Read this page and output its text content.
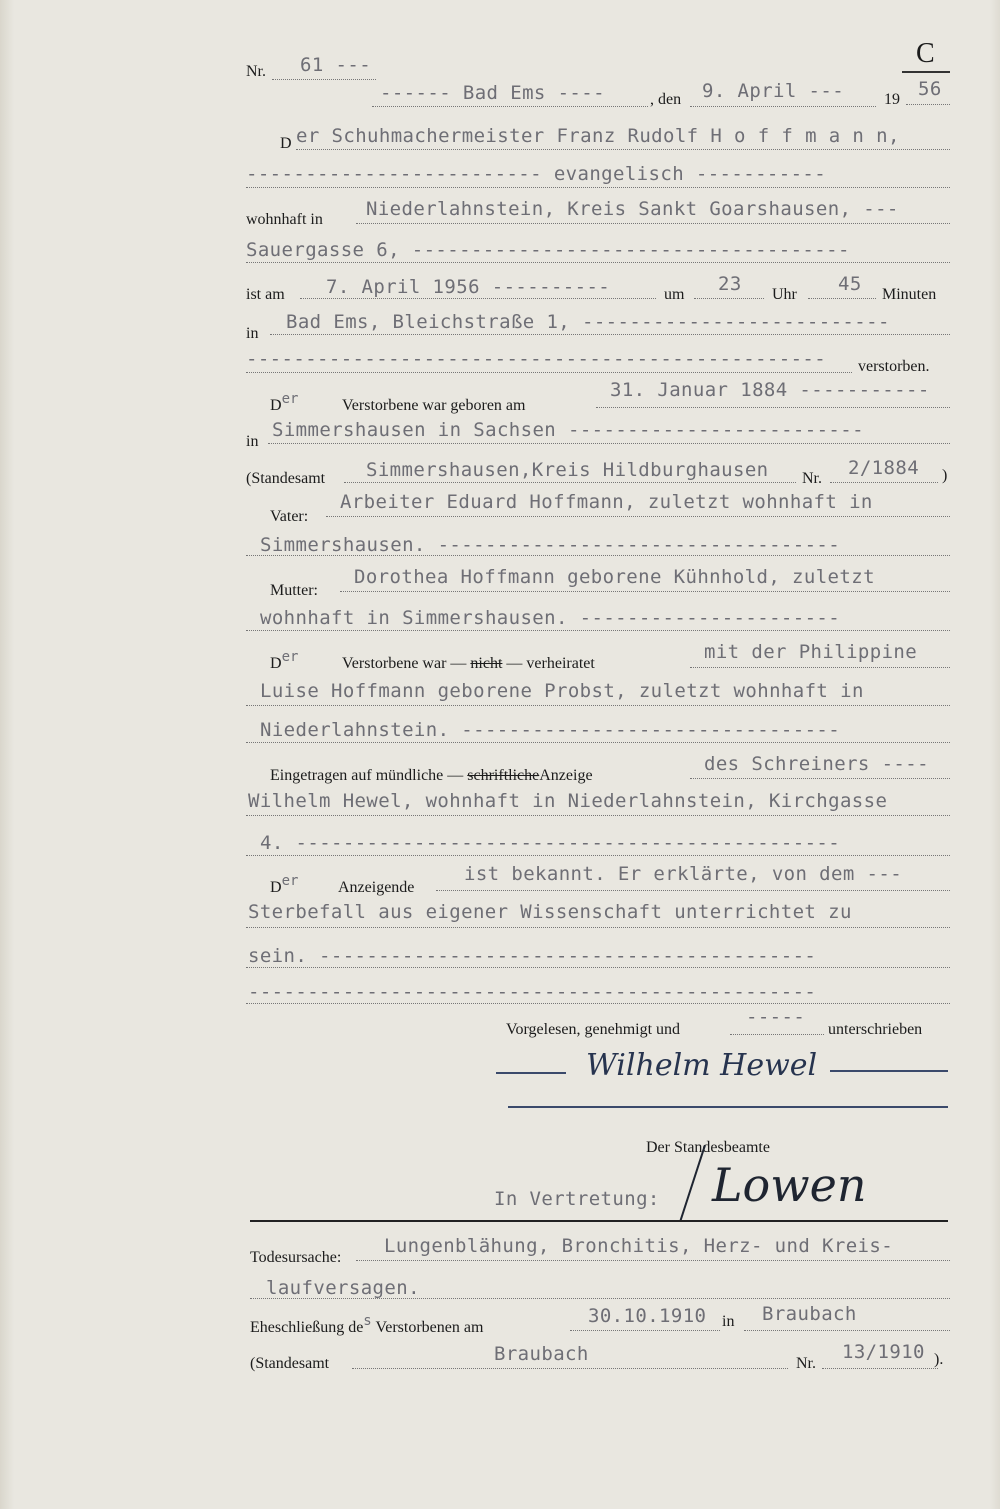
Nr. 61 ---	C
------ Bad Ems ----	, den 9. April --- 19 56
D er Schuhmachermeister Franz Rudolf H o f f m a n n,
------------------------- evangelisch -----------
wohnhaft in Niederlahnstein, Kreis Sankt Goarshausen, ---
Sauergasse 6, -------------------------------------
ist am 7. April 1956 ----------	um 23 Uhr 45 Minuten
in
Bad Ems, Bleichstraße 1, --------------------------
------------------------------------------------- verstorben.
Der	Verstorbene war geboren am
31. Januar 1884 -----------
in
Simmershausen in Sachsen -------------------------
(Standesamt Simmershausen,Kreis Hildburghausen Nr. 2/1884 )
Vater:
Arbeiter Eduard Hoffmann, zuletzt wohnhaft in
Simmershausen. ----------------------------------
Mutter:
Dorothea Hoffmann geborene Kühnhold, zuletzt
wohnhaft in Simmershausen. ----------------------
Der	Verstorbene war — nicht — verheiratet
mit der Philippine
Luise Hoffmann geborene Probst, zuletzt wohnhaft in
Niederlahnstein. --------------------------------
Eingetragen auf mündliche — schriftlicheAnzeige
des Schreiners ----
Wilhelm Hewel, wohnhaft in Niederlahnstein, Kirchgasse
4. ----------------------------------------------
Der Anzeigende
ist bekannt. Er erklärte, von dem ---
Sterbefall aus eigener Wissenschaft unterrichtet zu
sein. ------------------------------------------
------------------------------------------------
Vorgelesen, genehmigt und
-----
unterschrieben
Wilhelm Hewel
Der Standesbeamte
In Vertretung: Lowen
Todesursache:
Lungenblähung, Bronchitis, Herz- und Kreis-
laufversagen.
Eheschließung des Verstorbenen am
30.10.1910 in Braubach
(Standesamt	Braubach	Nr.
13/1910 ).
